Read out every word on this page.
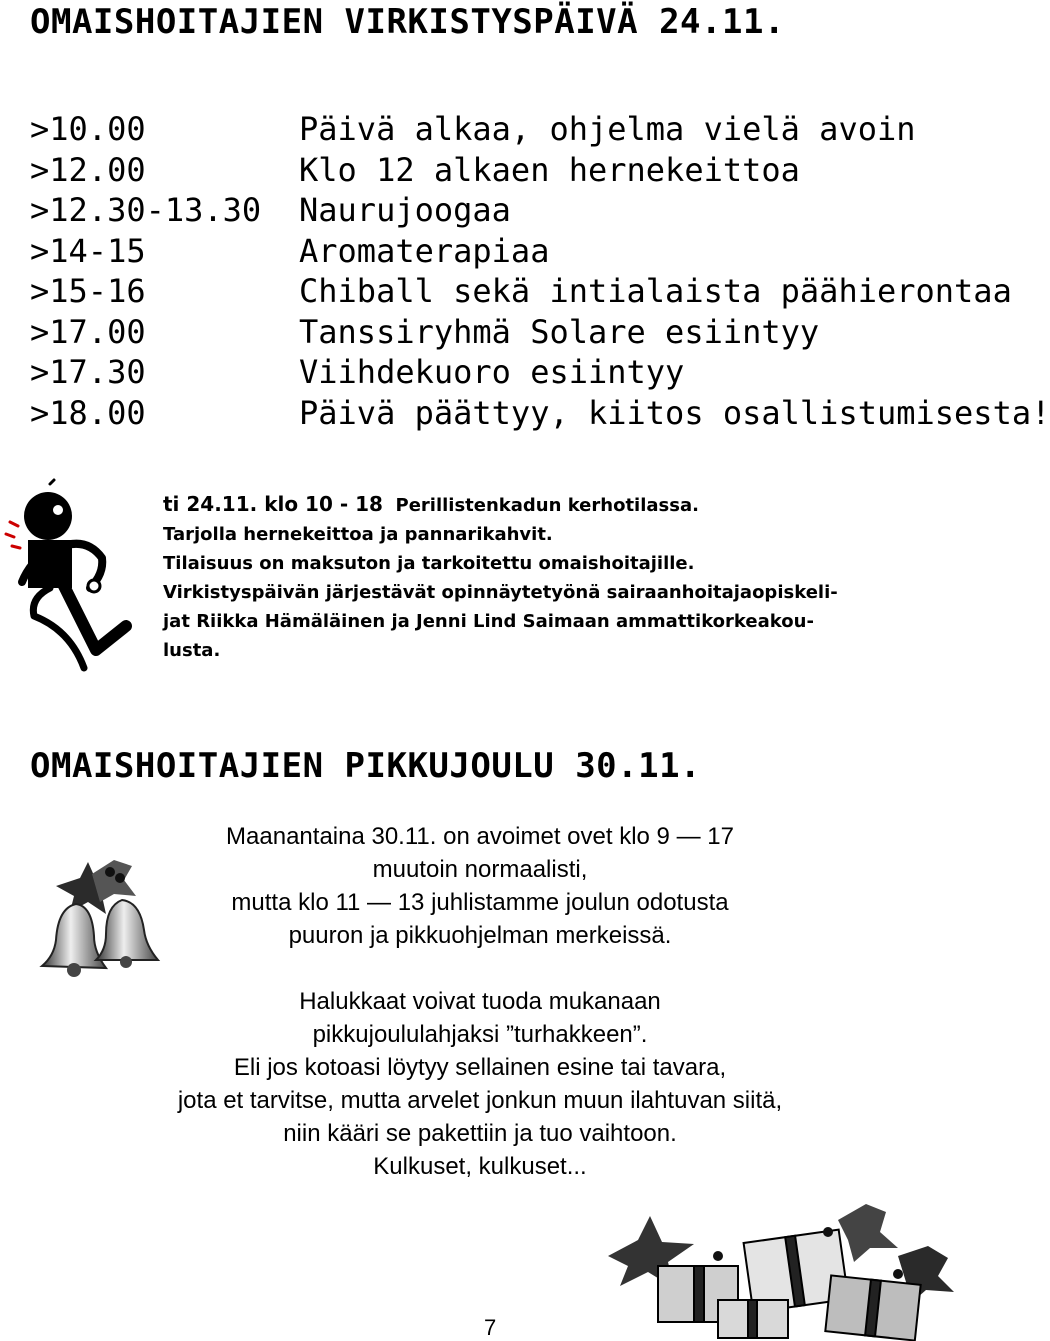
OMAISHOITAJIEN VIRKISTYSPÄIVÄ 24.11.
>10.00	Päivä alkaa, ohjelma vielä avoin
>12.00	Klo 12 alkaen hernekeittoa
>12.30-13.30 Naurujoogaa
>14-15	Aromaterapiaa
>15-16	Chiball sekä intialaista päähierontaa
>17.00	Tanssiryhmä Solare esiintyy
>17.30	Viihdekuoro esiintyy
>18.00	Päivä päättyy, kiitos osallistumisesta!

ti 24.11. klo 10 - 18 Perillistenkadun kerhotilassa.

Tarjolla hernekeittoa ja pannarikahvit.

Tilaisuus on maksuton ja tarkoitettu omaishoitajille.

Virkistyspäivän järjestävät opinnäytetyönä sairaanhoitajaopiskeli-

jat Riikka Hämäläinen ja Jenni Lind Saimaan ammattikorkeakou-

lusta.

OMAISHOITAJIEN PIKKUJOULU 30.11.

Maanantaina 30.11. on avoimet ovet klo 9 — 17

muutoin normaalisti,

mutta klo 11 — 13 juhlistamme joulun odotusta

puuron ja pikkuohjelman merkeissä.

Halukkaat voivat tuoda mukanaan

pikkujoululahjaksi ”turhakkeen”.

Eli jos kotoasi löytyy sellainen esine tai tavara,

jota et tarvitse, mutta arvelet jonkun muun ilahtuvan siitä,

niin kääri se pakettiin ja tuo vaihtoon.

Kulkuset, kulkuset...

7
